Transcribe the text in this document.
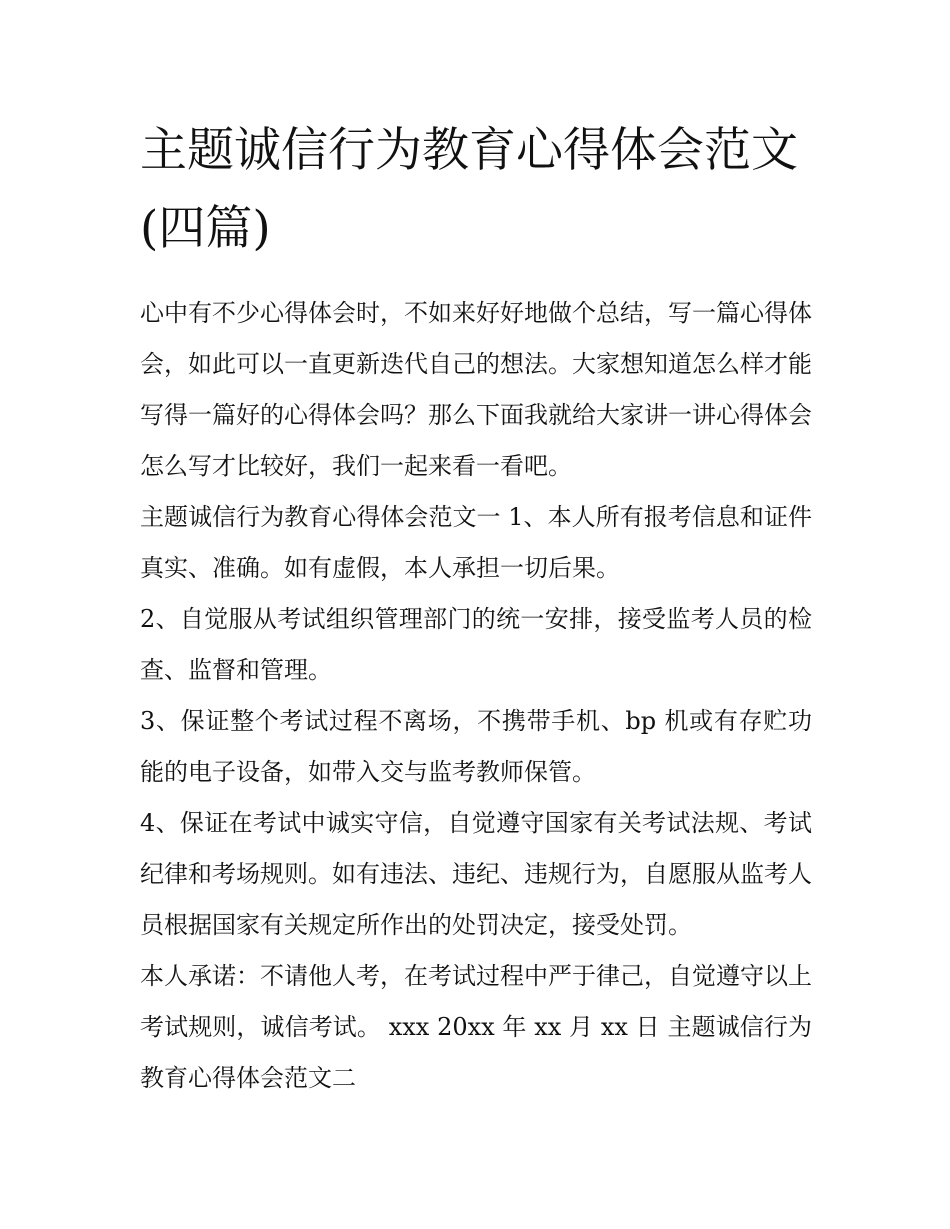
主题诚信行为教育心得体会范文(四篇)

心中有不少心得体会时，不如来好好地做个总结，写一篇心得体会，如此可以一直更新迭代自己的想法。大家想知道怎么样才能写得一篇好的心得体会吗？那么下面我就给大家讲一讲心得体会怎么写才比较好，我们一起来看一看吧。

主题诚信行为教育心得体会范文一 1、本人所有报考信息和证件真实、准确。如有虚假，本人承担一切后果。

2、自觉服从考试组织管理部门的统一安排，接受监考人员的检查、监督和管理。

3、保证整个考试过程不离场，不携带手机、bp 机或有存贮功能的电子设备，如带入交与监考教师保管。

4、保证在考试中诚实守信，自觉遵守国家有关考试法规、考试纪律和考场规则。如有违法、违纪、违规行为，自愿服从监考人员根据国家有关规定所作出的处罚决定，接受处罚。

本人承诺：不请他人考，在考试过程中严于律己，自觉遵守以上考试规则，诚信考试。 xxx 20xx 年 xx 月 xx 日 主题诚信行为教育心得体会范文二
